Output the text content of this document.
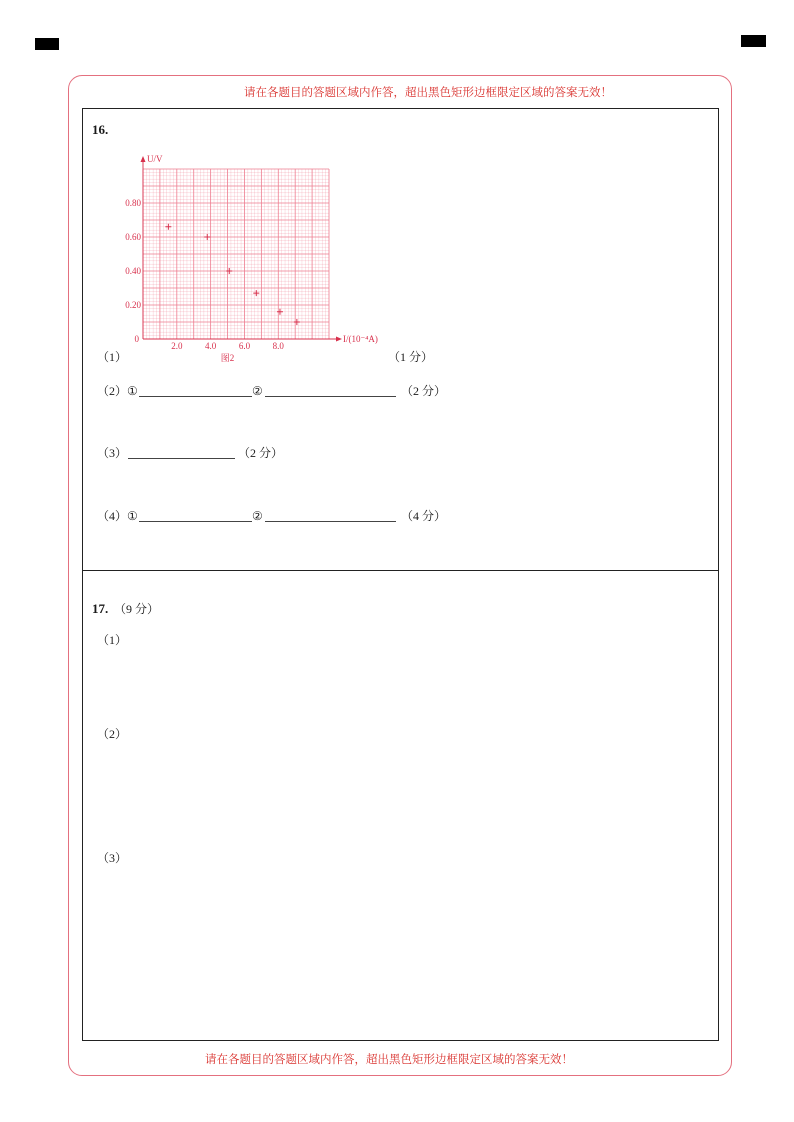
请在各题目的答题区域内作答，超出黑色矩形边框限定区域的答案无效！
16.
0.20
0.40
0.60
0.80
2.0	4.0	6.0	8.0
0
U/V
I/(10⁻⁴A)
图2
（1）	（1 分）
（2） ①	②	（2 分）
（3）	（2 分）
（4） ①	②	（4 分）
17. （9 分）
（1）
（2）
（3）
请在各题目的答题区域内作答，超出黑色矩形边框限定区域的答案无效！
